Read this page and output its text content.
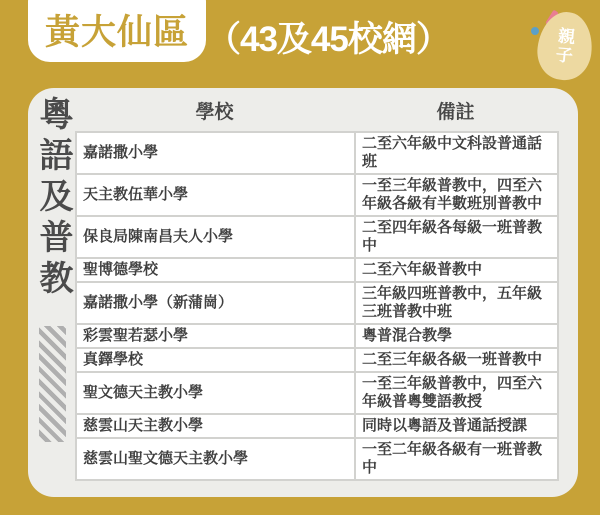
黃大仙區 （43及45校網）	親
子
粵語及普教	學校	備註
嘉諾撒小學	二至六年級中文科設普通話班
天主教伍華小學	一至三年級普教中，四至六年級各級有半數班別普教中
保良局陳南昌夫人小學	二至四年級各每級一班普教中
聖博德學校	二至六年級普教中
嘉諾撒小學（新蒲崗）	三年級四班普教中，五年級三班普教中班
彩雲聖若瑟小學	粵普混合教學
真鐸學校	二至三年級各級一班普教中
聖文德天主教小學	一至三年級普教中，四至六年級普粵雙語教授
慈雲山天主教小學	同時以粵語及普通話授課
慈雲山聖文德天主教小學	一至二年級各級有一班普教中
